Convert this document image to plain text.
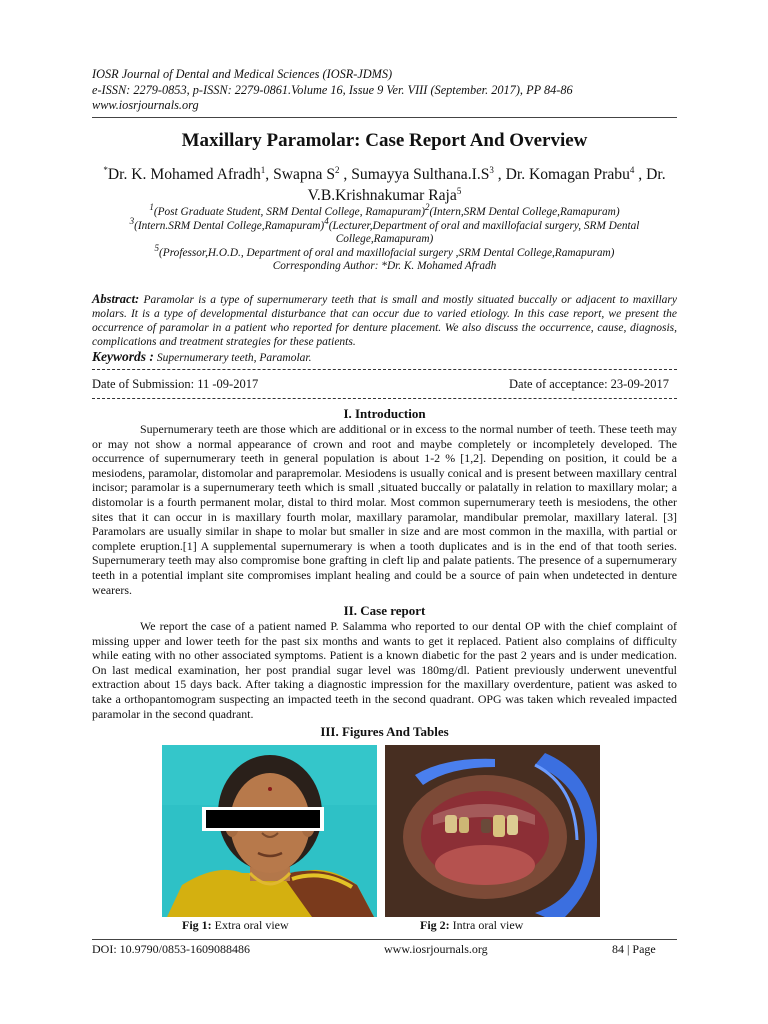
IOSR Journal of Dental and Medical Sciences (IOSR-JDMS)
e-ISSN: 2279-0853, p-ISSN: 2279-0861.Volume 16, Issue 9 Ver. VIII (September. 2017), PP 84-86
www.iosrjournals.org
Maxillary Paramolar: Case Report And Overview
*Dr. K. Mohamed Afradh$^1$, Swapna $S^2$ , Sumayya $Sulthana.I.S^3$ , Dr. Komagan Prabu$^4$ , Dr. V.B.Krishnakumar Raja$^5$
$^1$(Post Graduate Student, SRM Dental College, Ramapuram)$^2$(Intern,SRM Dental College,Ramapuram)
$^3$(Intern.SRM Dental College,Ramapuram)$^4$(Lecturer,Department of oral and maxillofacial surgery, SRM Dental College,Ramapuram)
$^5$(Professor,H.O.D., Department of oral and maxillofacial surgery ,SRM Dental College,Ramapuram)
Corresponding Author: *Dr. K. Mohamed Afradh
Abstract: Paramolar is a type of supernumerary teeth that is small and mostly situated buccally or adjacent to maxillary molars. It is a type of developmental disturbance that can occur due to varied etiology. In this case report, we present the occurrence of paramolar in a patient who reported for denture placement. We also discuss the occurrence, cause, diagnosis, complications and treatment strategies for these patients.
Keywords : Supernumerary teeth, Paramolar.
Date of Submission: 11 -09-2017	Date of acceptance: 23-09-2017
I. Introduction
Supernumerary teeth are those which are additional or in excess to the normal number of teeth. These teeth may or may not show a normal appearance of crown and root and maybe completely or incompletely developed. The occurrence of supernumerary teeth in general population is about 1-2 % [1,2]. Depending on position, it could be a mesiodens, paramolar, distomolar and parapremolar. Mesiodens is usually conical and is present between maxillary central incisor; paramolar is a supernumerary teeth which is small ,situated buccally or palatally in relation to maxillary molar; a distomolar is a fourth permanent molar, distal to third molar. Most common supernumerary teeth is mesiodens, the other sites that it can occur in is maxillary fourth molar, maxillary paramolar, mandibular premolar, maxillary lateral. [3] Paramolars are usually similar in shape to molar but smaller in size and are most common in the maxilla, with partial or complete eruption.[1] A supplemental supernumerary is when a tooth duplicates and is in the end of that tooth series. Supernumerary teeth may also compromise bone grafting in cleft lip and palate patients. The presence of a supernumerary teeth in a potential implant site compromises implant healing and could be a source of pain when undetected in denture wearers.
II. Case report
We report the case of a patient named P. Salamma who reported to our dental OP with the chief complaint of missing upper and lower teeth for the past six months and wants to get it replaced. Patient also complains of difficulty while eating with no other associated symptoms. Patient is a known diabetic for the past 2 years and is under medication. On last medical examination, her post prandial sugar level was 180mg/dl. Patient previously underwent uneventful extraction about 15 days back. After taking a diagnostic impression for the maxillary overdenture, patient was asked to take a orthopantomogram suspecting an impacted teeth in the second quadrant. OPG was taken which revealed impacted paramolar in the second quadrant.
III. Figures And Tables
Fig 1: Extra oral view	Fig 2: Intra oral view
DOI: 10.9790/0853-1609088486	www.iosrjournals.org	84 | Page
